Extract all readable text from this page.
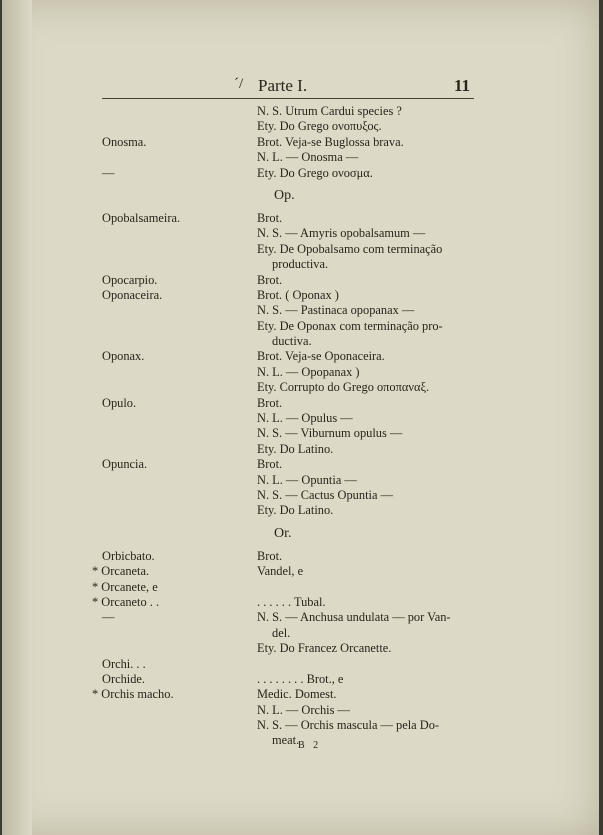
´/ Parte I.	11
N. S. Utrum Cardui species ?
Ety. Do Grego ονοπυξος.
Onosma.	Brot. Veja-se Buglossa brava.
N. L. — Onosma —
—	Ety. Do Grego ονοσμα.
Op.
Opobalsameira.	Brot.
N. S. — Amyris opobalsamum —
Ety. De Opobalsamo com terminação
productiva.
Opocarpio.	Brot.
Oponaceira.	Brot. ( Oponax )
N. S. — Pastinaca opopanax —
Ety. De Oponax com terminação pro-
ductiva.
Oponax.	Brot. Veja-se Oponaceira.
N. L. — Opopanax )
Ety. Corrupto do Grego οποπαναξ.
Opulo.	Brot.
N. L. — Opulus —
N. S. — Viburnum opulus —
Ety. Do Latino.
Opuncia.	Brot.
N. L. — Opuntia —
N. S. — Cactus Opuntia —
Ety. Do Latino.
Or.
Orbicbato.	Brot.
* Orcaneta.	Vandel, e
* Orcanete, e
* Orcaneto . .	. . . . . . Tubal.
—	N. S. — Anchusa undulata — por Van-
del.
Ety. Do Francez Orcanette.
Orchi. . .
Orchide.	. . . . . . . . Brot., e
* Orchis macho.	Medic. Domest.
N. L. — Orchis —
N. S. — Orchis mascula — pela Do-
meat.
B 2
